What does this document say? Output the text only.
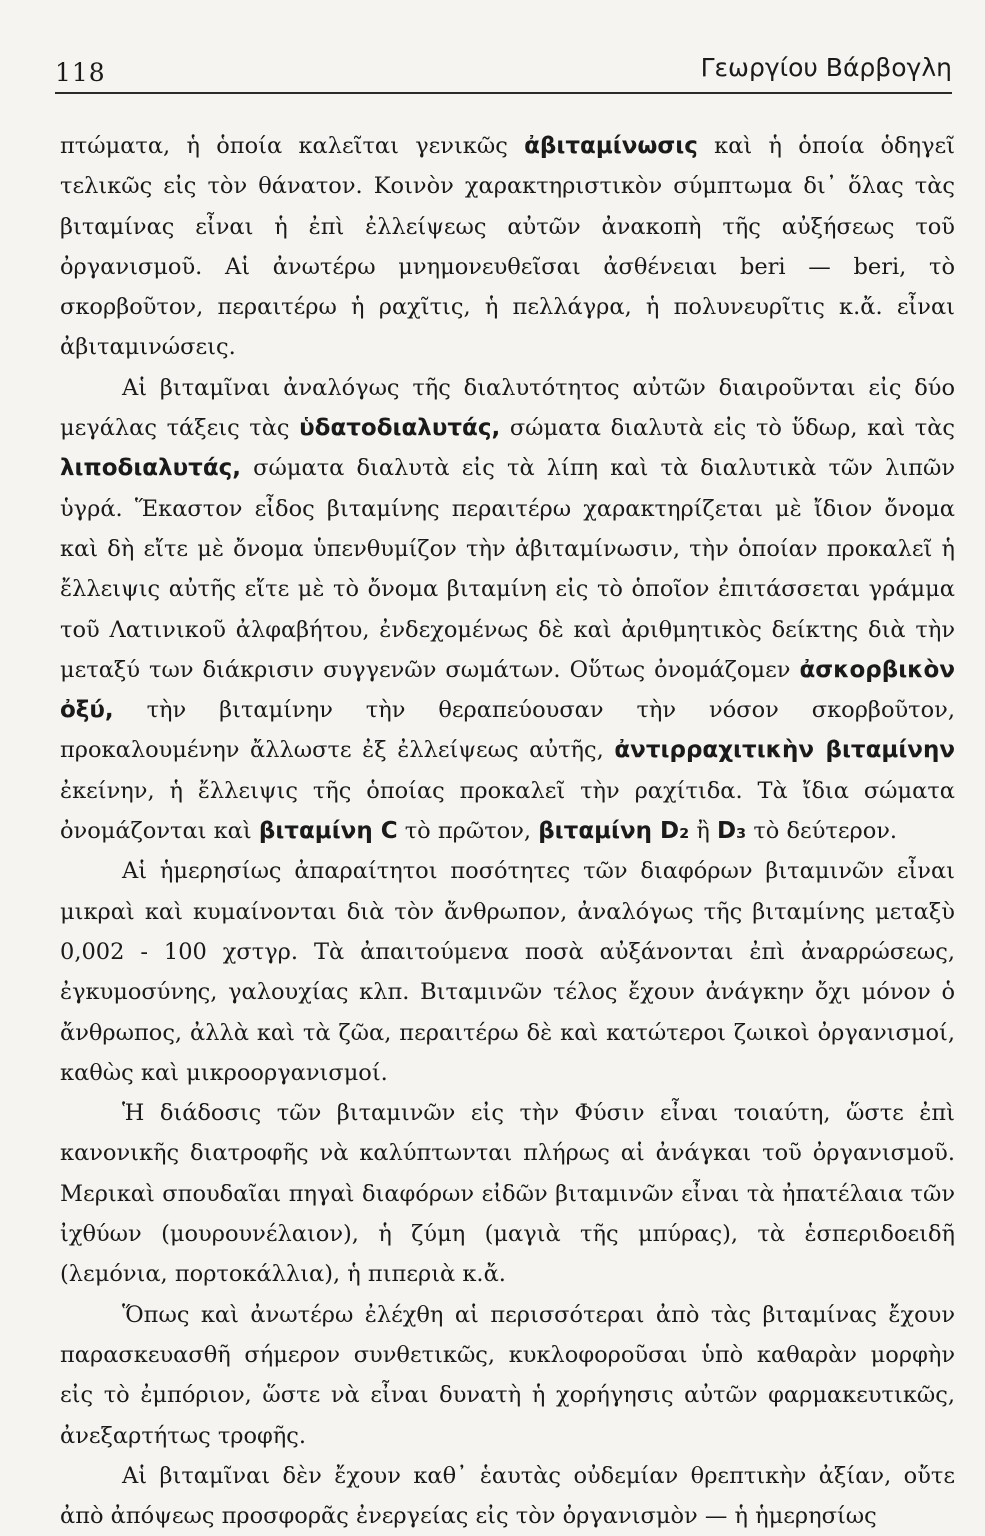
118	Γεωργίου Βάρβογλη

πτώματα, ἡ ὁποία καλεῖται γενικῶς ἀβιταμίνωσις καὶ ἡ ὁποία ὁδηγεῖ τελικῶς εἰς τὸν θάνατον. Κοινὸν χαρακτηριστικὸν σύμπτωμα δι᾿ ὅλας τὰς βιταμίνας εἶναι ἡ ἐπὶ ἐλλείψεως αὐτῶν ἀνακοπὴ τῆς αὐξήσεως τοῦ ὀργανισμοῦ. Αἱ ἀνωτέρω μνημονευθεῖσαι ἀσθένειαι beri — beri, τὸ σκορβοῦτον, περαιτέρω ἡ ραχῖτις, ἡ πελλάγρα, ἡ πολυνευρῖτις κ.ἄ. εἶναι ἀβιταμινώσεις.

Αἱ βιταμῖναι ἀναλόγως τῆς διαλυτότητος αὐτῶν διαιροῦνται εἰς δύο μεγάλας τάξεις τὰς ὑδατοδιαλυτάς, σώματα διαλυτὰ εἰς τὸ ὕδωρ, καὶ τὰς λιποδιαλυτάς, σώματα διαλυτὰ εἰς τὰ λίπη καὶ τὰ διαλυτικὰ τῶν λιπῶν ὑγρά. Ἕκαστον εἶδος βιταμίνης περαιτέρω χαρακτηρίζεται μὲ ἴδιον ὄνομα καὶ δὴ εἴτε μὲ ὄνομα ὑπενθυμίζον τὴν ἀβιταμίνωσιν, τὴν ὁποίαν προκαλεῖ ἡ ἔλλειψις αὐτῆς εἴτε μὲ τὸ ὄνομα βιταμίνη εἰς τὸ ὁποῖον ἐπιτάσσεται γράμμα τοῦ Λατινικοῦ ἀλφαβήτου, ἐνδεχομένως δὲ καὶ ἀριθμητικὸς δείκτης διὰ τὴν μεταξύ των διάκρισιν συγγενῶν σωμάτων. Οὕτως ὀνομάζομεν ἀσκορβικὸν ὀξύ, τὴν βιταμίνην τὴν θεραπεύουσαν τὴν νόσον σκορβοῦτον, προκαλουμένην ἄλλωστε ἐξ ἐλλείψεως αὐτῆς, ἀντιρραχιτικὴν βιταμίνην ἐκείνην, ἡ ἔλλειψις τῆς ὁποίας προκαλεῖ τὴν ραχίτιδα. Τὰ ἴδια σώματα ὀνομάζονται καὶ βιταμίνη C τὸ πρῶτον, βιταμίνη D₂ ἢ D₃ τὸ δεύτερον.

Αἱ ἡμερησίως ἀπαραίτητοι ποσότητες τῶν διαφόρων βιταμινῶν εἶναι μικραὶ καὶ κυμαίνονται διὰ τὸν ἄνθρωπον, ἀναλόγως τῆς βιταμίνης μεταξὺ 0,002 - 100 χστγρ. Τὰ ἀπαιτούμενα ποσὰ αὐξάνονται ἐπὶ ἀναρρώσεως, ἐγκυμοσύνης, γαλουχίας κλπ. Βιταμινῶν τέλος ἔχουν ἀνάγκην ὄχι μόνον ὁ ἄνθρωπος, ἀλλὰ καὶ τὰ ζῶα, περαιτέρω δὲ καὶ κατώτεροι ζωικοὶ ὀργανισμοί, καθὼς καὶ μικροοργανισμοί.

Ἡ διάδοσις τῶν βιταμινῶν εἰς τὴν Φύσιν εἶναι τοιαύτη, ὥστε ἐπὶ κανονικῆς διατροφῆς νὰ καλύπτωνται πλήρως αἱ ἀνάγκαι τοῦ ὀργανισμοῦ. Μερικαὶ σπουδαῖαι πηγαὶ διαφόρων εἰδῶν βιταμινῶν εἶναι τὰ ἠπατέλαια τῶν ἰχθύων (μουρουνέλαιον), ἡ ζύμη (μαγιὰ τῆς μπύρας), τὰ ἑσπεριδοειδῆ (λεμόνια, πορτοκάλλια), ἡ πιπεριὰ κ.ἄ.

Ὅπως καὶ ἀνωτέρω ἐλέχθη αἱ περισσότεραι ἀπὸ τὰς βιταμίνας ἔχουν παρασκευασθῆ σήμερον συνθετικῶς, κυκλοφοροῦσαι ὑπὸ καθαρὰν μορφὴν εἰς τὸ ἐμπόριον, ὥστε νὰ εἶναι δυνατὴ ἡ χορήγησις αὐτῶν φαρμακευτικῶς, ἀνεξαρτήτως τροφῆς.

Αἱ βιταμῖναι δὲν ἔχουν καθ᾿ ἑαυτὰς οὐδεμίαν θρεπτικὴν ἀξίαν, οὔτε ἀπὸ ἀπόψεως προσφορᾶς ἐνεργείας εἰς τὸν ὀργανισμὸν — ἡ ἡμερησίως
